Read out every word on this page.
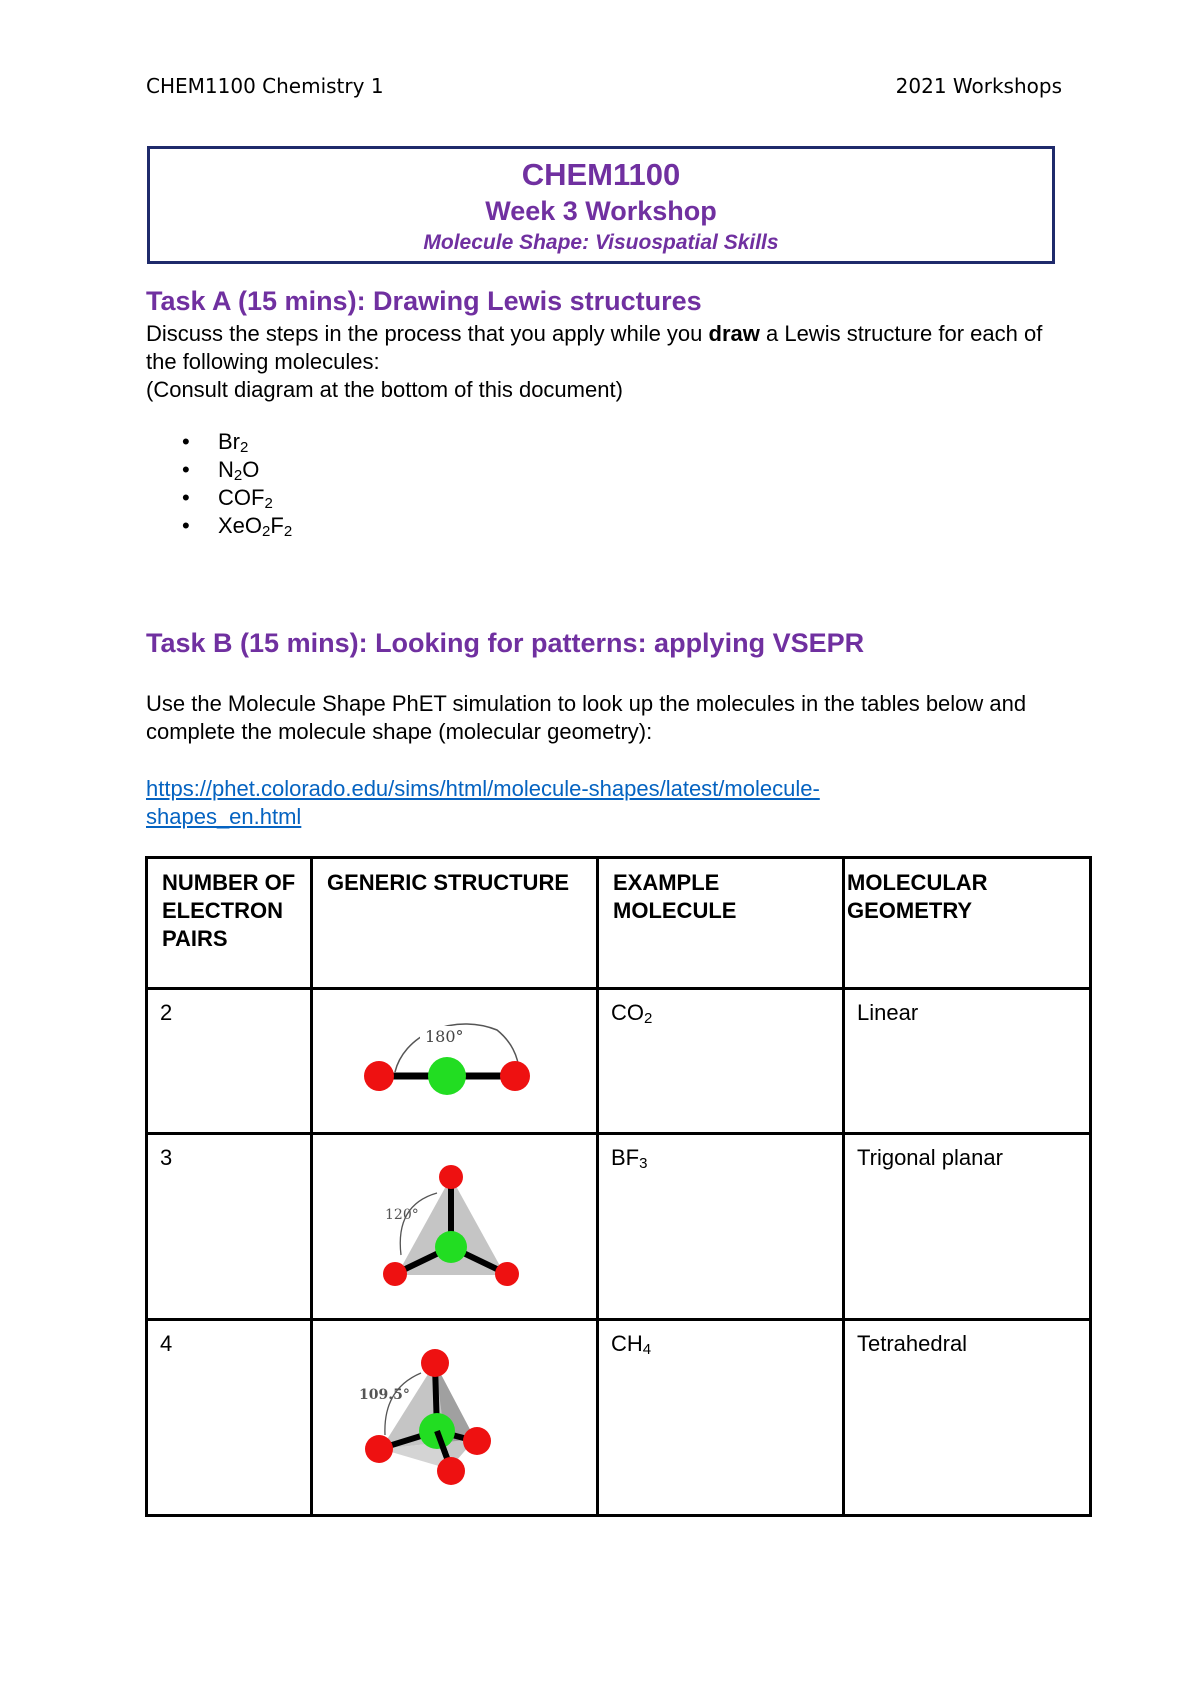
CHEM1100 Chemistry 1	2021 Workshops
CHEM1100
Week 3 Workshop
Molecule Shape: Visuospatial Skills
Task A (15 mins): Drawing Lewis structures
Discuss the steps in the process that you apply while you draw a Lewis structure for each of the following molecules:
(Consult diagram at the bottom of this document)
• $Br_2$
• $N_2O$
• $COF_2$
• $XeO_2F_2$
Task B (15 mins): Looking for patterns: applying VSEPR
Use the Molecule Shape PhET simulation to look up the molecules in the tables below and complete the molecule shape (molecular geometry):
https://phet.colorado.edu/sims/html/molecule-shapes/latest/molecule-
shapes_en.html
NUMBER OF ELECTRON PAIRS	GENERIC STRUCTURE	EXAMPLE MOLECULE	MOLECULAR GEOMETRY
2	180°	$CO_2$	Linear
3	120°	$BF_3$	Trigonal planar
4	109.5°	$CH_4$	Tetrahedral
